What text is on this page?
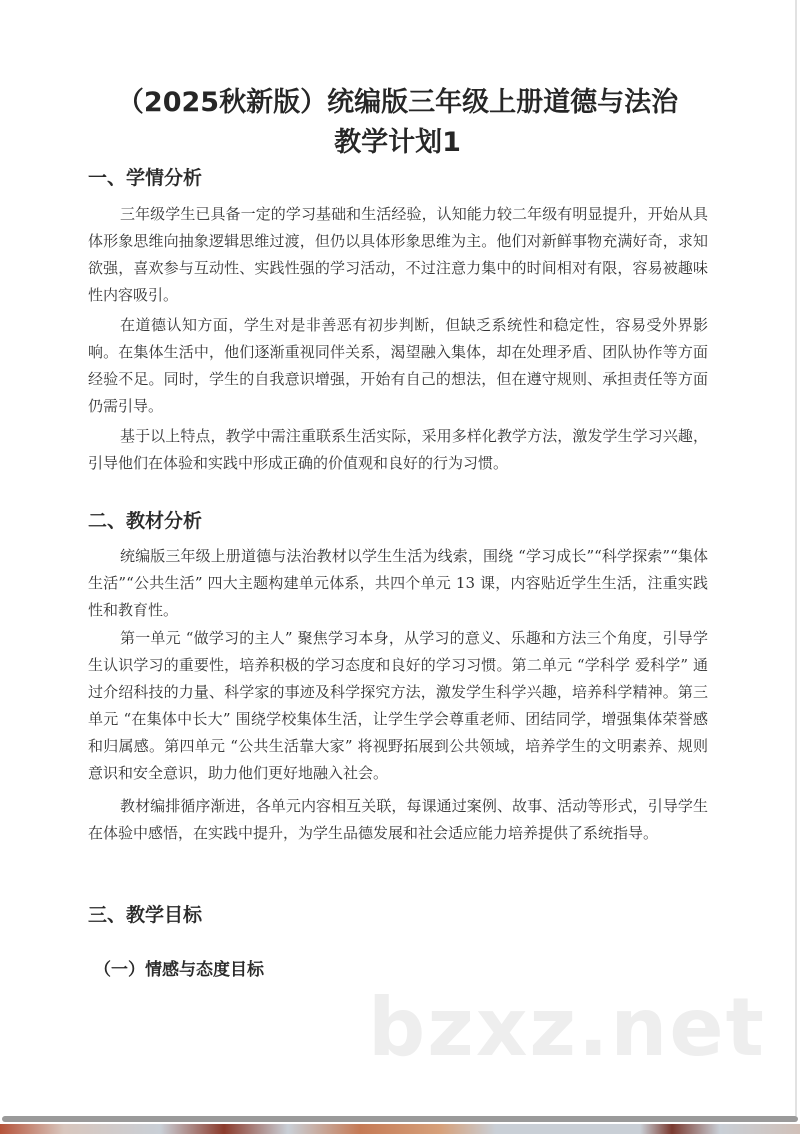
（2025秋新版）统编版三年级上册道德与法治
教学计划1
一、学情分析

三年级学生已具备一定的学习基础和生活经验，认知能力较二年级有明显提升，开始从具体形象思维向抽象逻辑思维过渡，但仍以具体形象思维为主。他们对新鲜事物充满好奇，求知欲强，喜欢参与互动性、实践性强的学习活动，不过注意力集中的时间相对有限，容易被趣味性内容吸引。

在道德认知方面，学生对是非善恶有初步判断，但缺乏系统性和稳定性，容易受外界影响。在集体生活中，他们逐渐重视同伴关系，渴望融入集体，却在处理矛盾、团队协作等方面经验不足。同时，学生的自我意识增强，开始有自己的想法，但在遵守规则、承担责任等方面仍需引导。

基于以上特点，教学中需注重联系生活实际，采用多样化教学方法，激发学生学习兴趣，引导他们在体验和实践中形成正确的价值观和良好的行为习惯。

二、教材分析

统编版三年级上册道德与法治教材以学生生活为线索，围绕 “学习成长”“科学探索”“集体生活”“公共生活” 四大主题构建单元体系，共四个单元 13 课，内容贴近学生生活，注重实践性和教育性。

第一单元 “做学习的主人” 聚焦学习本身，从学习的意义、乐趣和方法三个角度，引导学生认识学习的重要性，培养积极的学习态度和良好的学习习惯。第二单元 “学科学 爱科学” 通过介绍科技的力量、科学家的事迹及科学探究方法，激发学生科学兴趣，培养科学精神。第三单元 “在集体中长大” 围绕学校集体生活，让学生学会尊重老师、团结同学，增强集体荣誉感和归属感。第四单元 “公共生活靠大家” 将视野拓展到公共领域，培养学生的文明素养、规则意识和安全意识，助力他们更好地融入社会。

教材编排循序渐进，各单元内容相互关联，每课通过案例、故事、活动等形式，引导学生在体验中感悟，在实践中提升，为学生品德发展和社会适应能力培养提供了系统指导。

三、教学目标
（一）情感与态度目标
bzxz.net
